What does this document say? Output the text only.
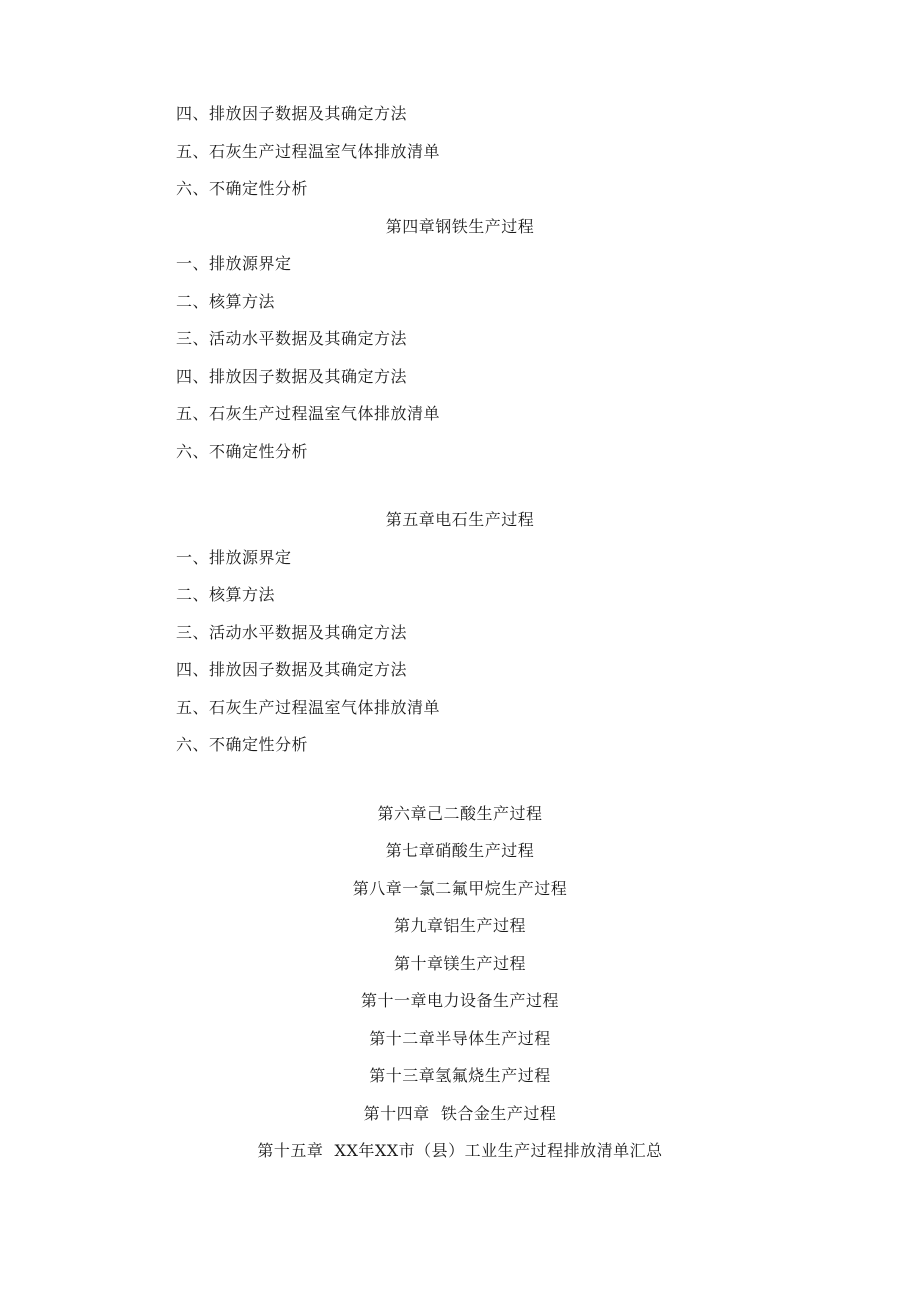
四、排放因子数据及其确定方法
五、石灰生产过程温室气体排放清单
六、不确定性分析
第四章钢铁生产过程
一、排放源界定
二、核算方法
三、活动水平数据及其确定方法
四、排放因子数据及其确定方法
五、石灰生产过程温室气体排放清单
六、不确定性分析
第五章电石生产过程
一、排放源界定
二、核算方法
三、活动水平数据及其确定方法
四、排放因子数据及其确定方法
五、石灰生产过程温室气体排放清单
六、不确定性分析
第六章己二酸生产过程
第七章硝酸生产过程
第八章一氯二氟甲烷生产过程
第九章铝生产过程
第十章镁生产过程
第十一章电力设备生产过程
第十二章半导体生产过程
第十三章氢氟烧生产过程
第十四章  铁合金生产过程
第十五章  XX年XX市（县）工业生产过程排放清单汇总
